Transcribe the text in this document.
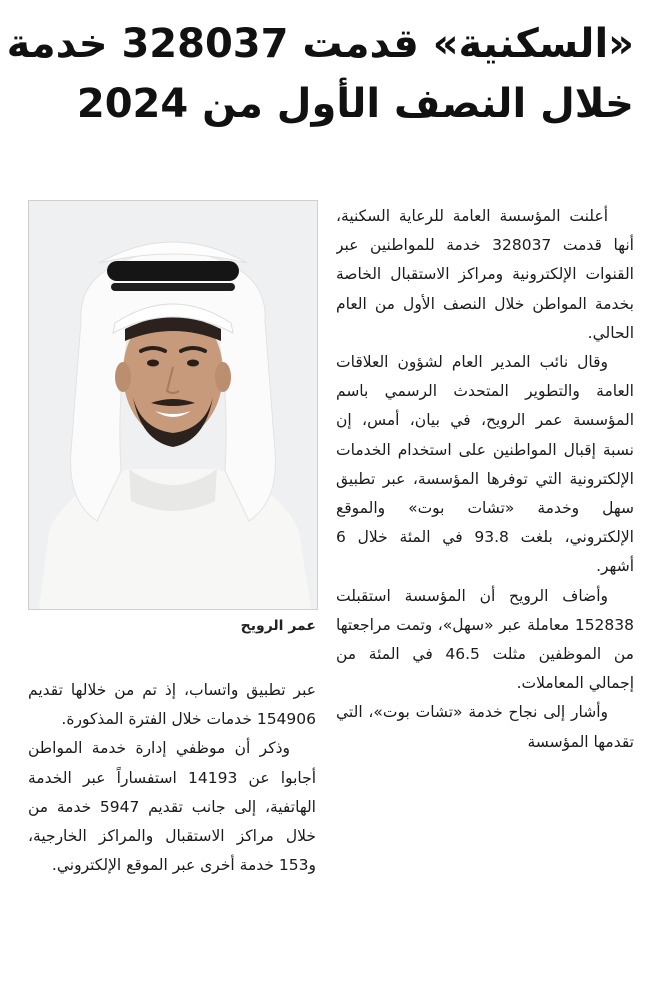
«السكنية» قدمت 328037 خدمة
خلال النصف الأول من 2024
عمر الرويح

أعلنت المؤسسة العامة للرعاية السكنية، أنها قدمت 328037 خدمة للمواطنين عبر القنوات الإلكترونية ومراكز الاستقبال الخاصة بخدمة المواطن خلال النصف الأول من العام الحالي.

وقال نائب المدير العام لشؤون العلاقات العامة والتطوير المتحدث الرسمي باسم المؤسسة عمر الرويح، في بيان، أمس، إن نسبة إقبال المواطنين على استخدام الخدمات الإلكترونية التي توفرها المؤسسة، عبر تطبيق سهل وخدمة «تشات بوت» والموقع الإلكتروني، بلغت 93.8 في المئة خلال 6 أشهر.

وأضاف الرويح أن المؤسسة استقبلت 152838 معاملة عبر «سهل»، وتمت مراجعتها من الموظفين مثلت 46.5 في المئة من إجمالي المعاملات.

وأشار إلى نجاح خدمة «تشات بوت»، التي تقدمها المؤسسة

عبر تطبيق واتساب، إذ تم من خلالها تقديم 154906 خدمات خلال الفترة المذكورة.

وذكر أن موظفي إدارة خدمة المواطن أجابوا عن 14193 استفساراً عبر الخدمة الهاتفية، إلى جانب تقديم 5947 خدمة من خلال مراكز الاستقبال والمراكز الخارجية، و153 خدمة أخرى عبر الموقع الإلكتروني.
